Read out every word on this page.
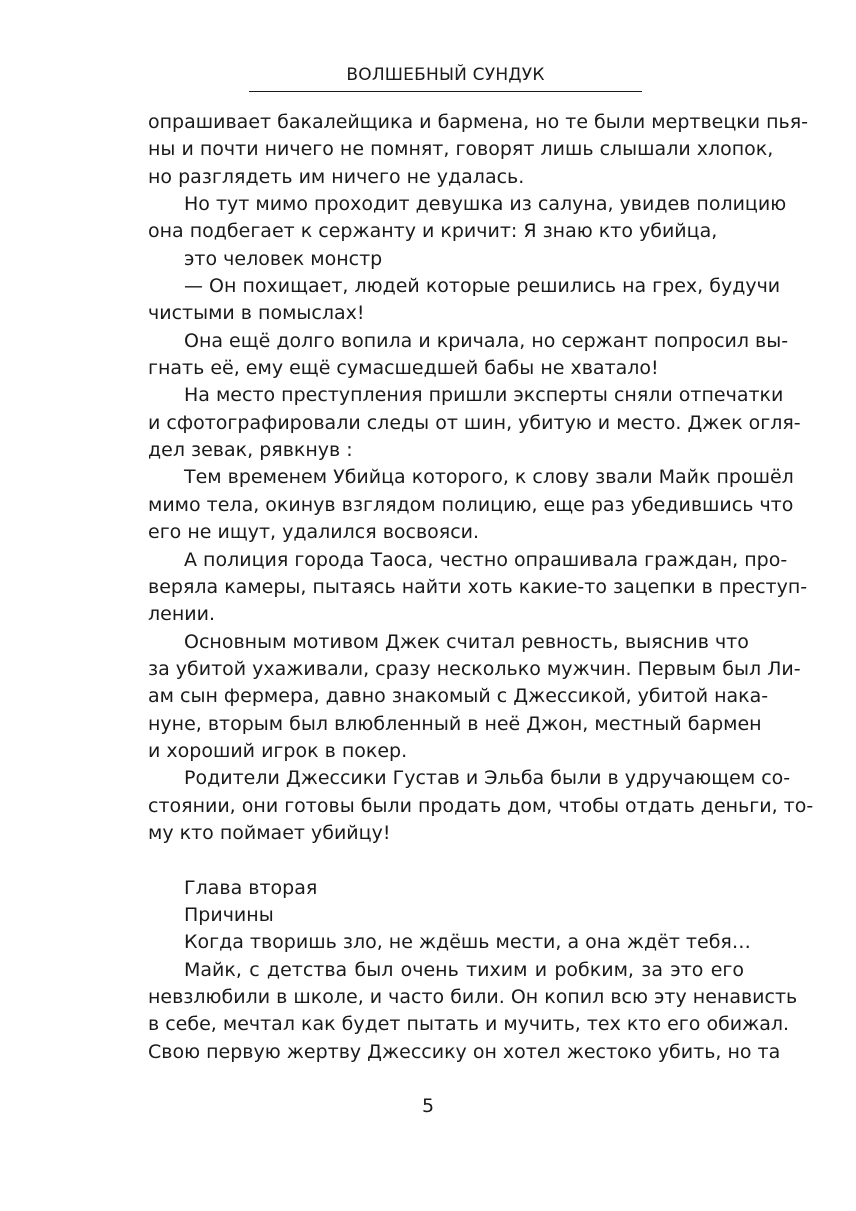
ВОЛШЕБНЫЙ СУНДУК
опрашивает бакалейщика и бармена, но те были мертвецки пья-
ны и почти ничего не помнят, говорят лишь слышали хлопок,
но разглядеть им ничего не удалась.
Но тут мимо проходит девушка из салуна, увидев полицию
она подбегает к сержанту и кричит: Я знаю кто убийца,
это человек монстр
— Он похищает, людей которые решились на грех, будучи
чистыми в помыслах!
Она ещё долго вопила и кричала, но сержант попросил вы-
гнать её, ему ещё сумасшедшей бабы не хватало!
На место преступления пришли эксперты сняли отпечатки
и сфотографировали следы от шин, убитую и место. Джек огля-
дел зевак, рявкнув :
Тем временем Убийца которого, к слову звали Майк прошёл
мимо тела, окинув взглядом полицию, еще раз убедившись что
его не ищут, удалился восвояси.
А полиция города Таоса, честно опрашивала граждан, про-
веряла камеры, пытаясь найти хоть какие-то зацепки в преступ-
лении.
Основным мотивом Джек считал ревность, выяснив что
за убитой ухаживали, сразу несколько мужчин. Первым был Ли-
ам сын фермера, давно знакомый с Джессикой, убитой нака-
нуне, вторым был влюбленный в неё Джон, местный бармен
и хороший игрок в покер.
Родители Джессики Густав и Эльба были в удручающем со-
стоянии, они готовы были продать дом, чтобы отдать деньги, то-
му кто поймает убийцу!
Глава вторая
Причины
Когда творишь зло, не ждёшь мести, а она ждёт тебя…
Майк, с детства был очень тихим и робким, за это его
невзлюбили в школе, и часто били. Он копил всю эту ненависть
в себе, мечтал как будет пытать и мучить, тех кто его обижал.
Свою первую жертву Джессику он хотел жестоко убить, но та
5
